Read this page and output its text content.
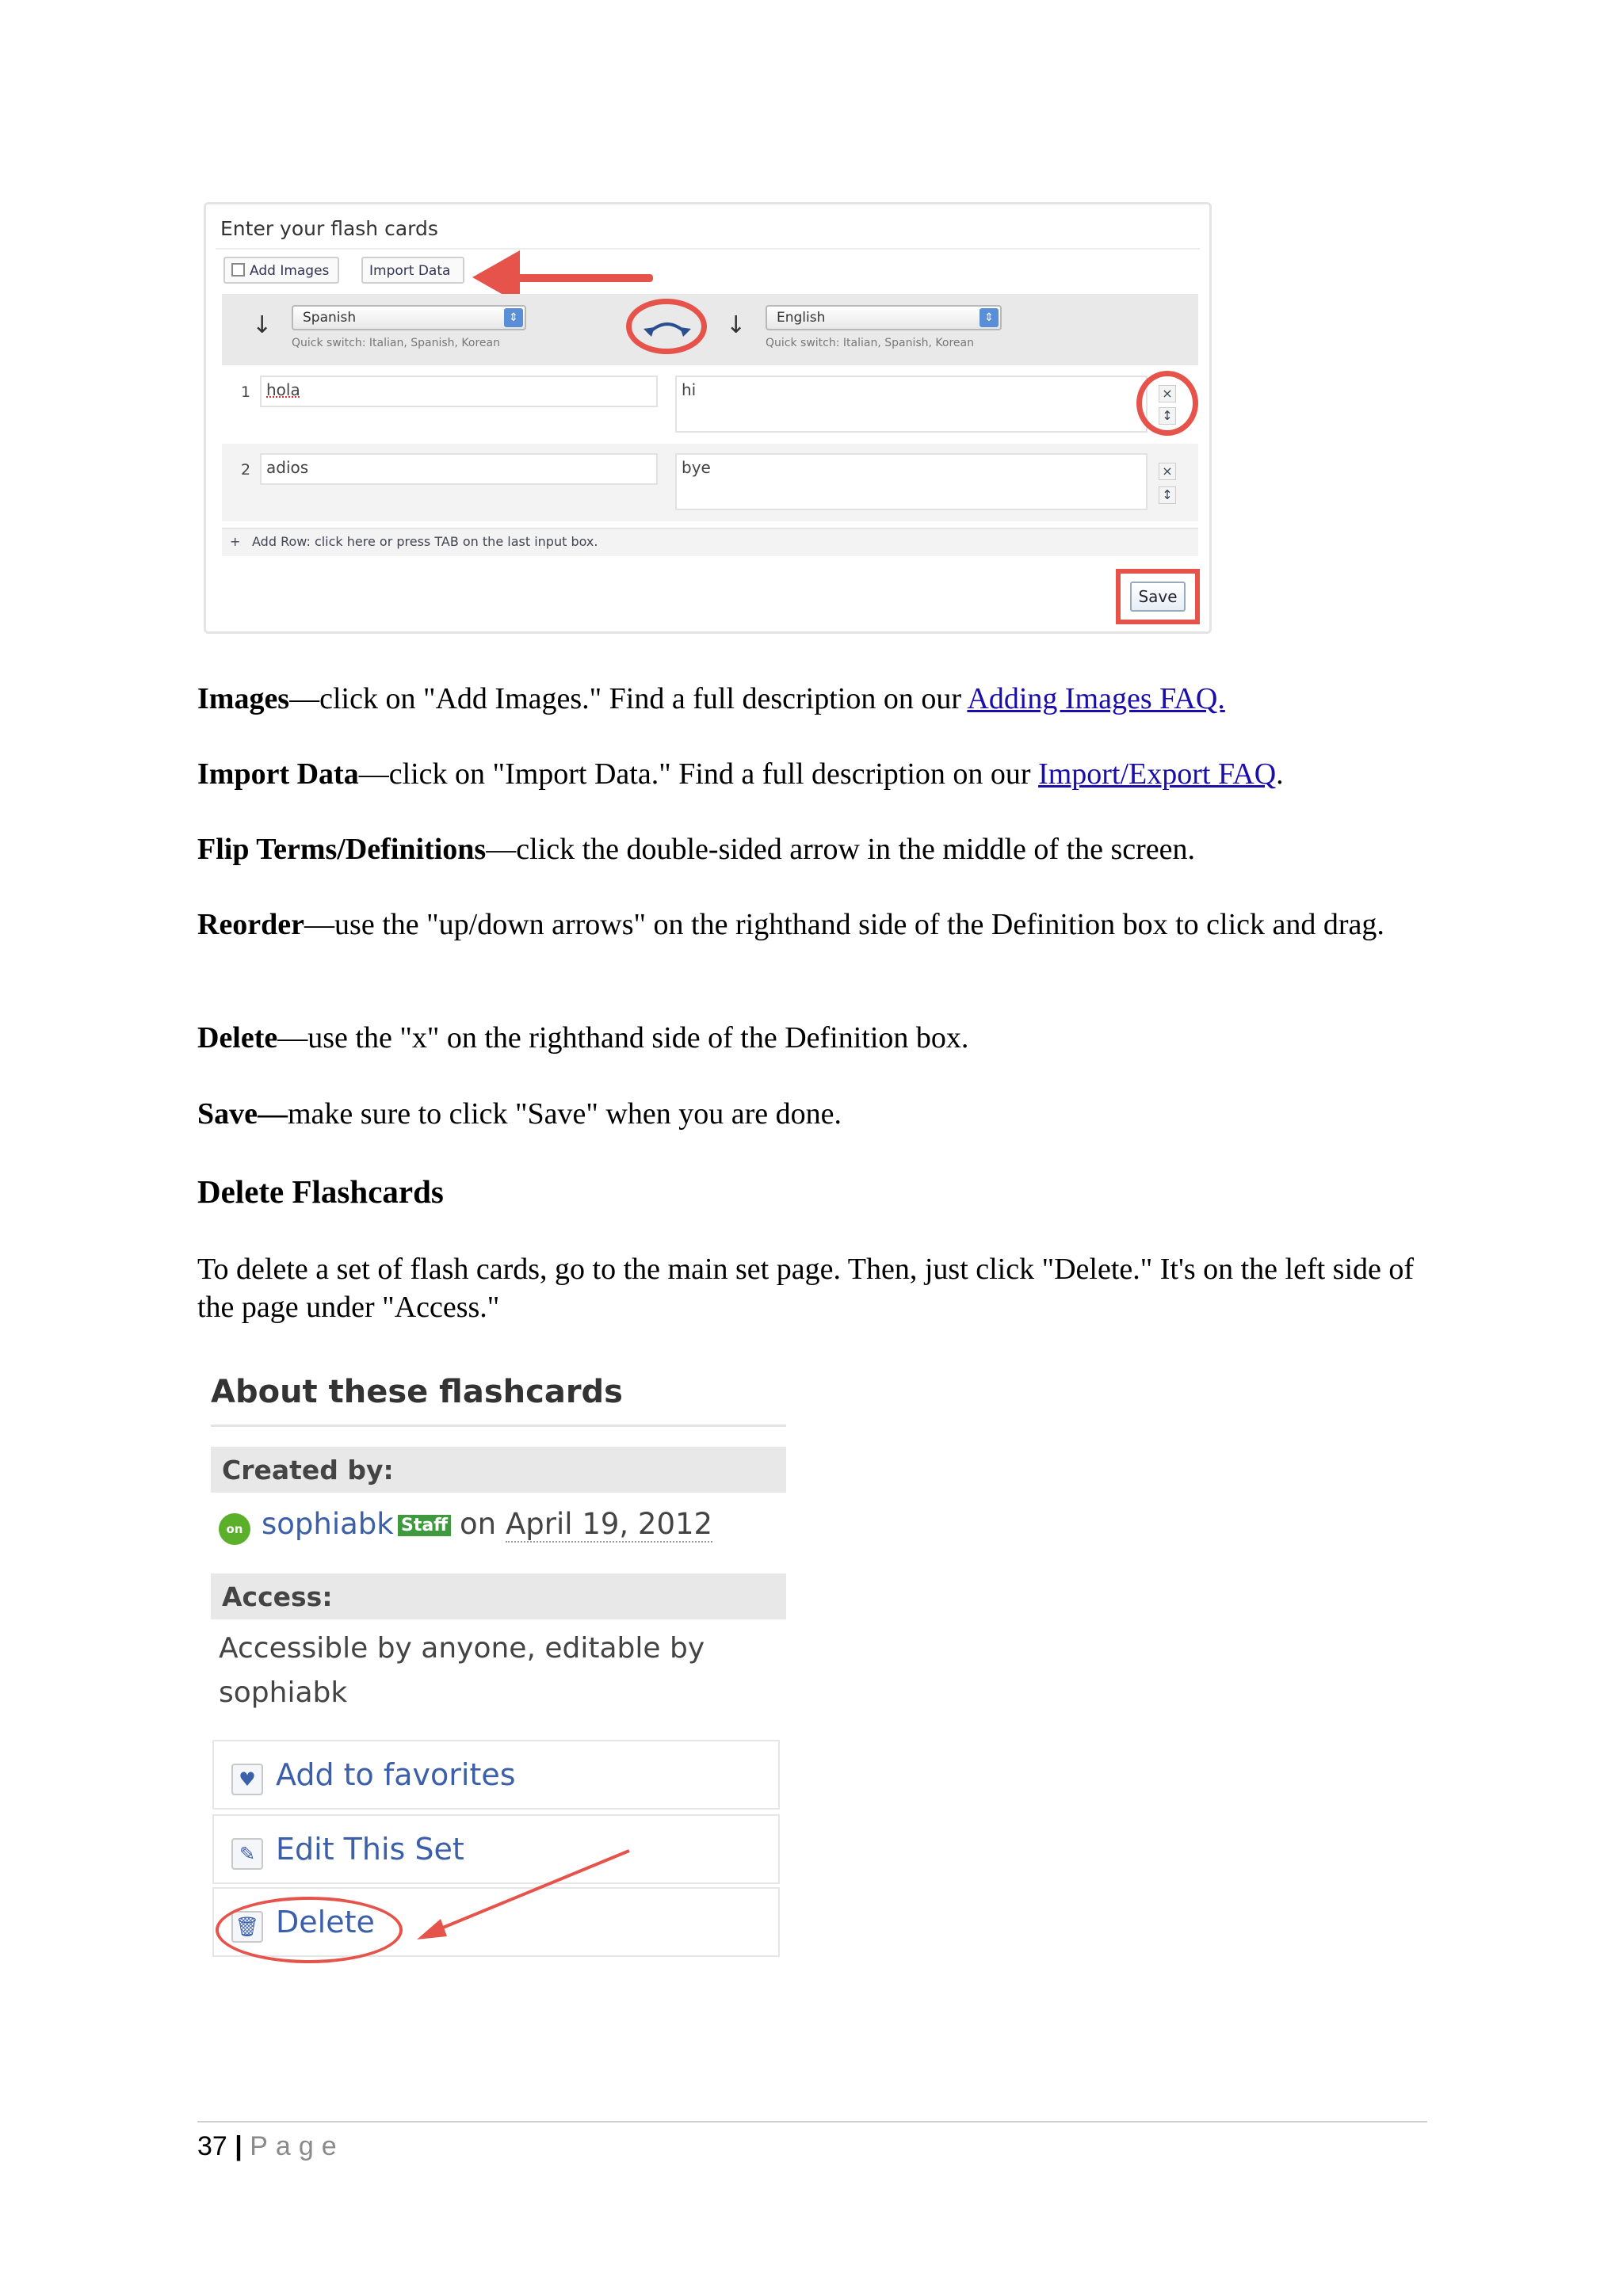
Enter your flash cards
Add Images	Import Data
↓	Spanish	⇕
Quick switch: Italian, Spanish, Korean
↓	English	⇕
Quick switch: Italian, Spanish, Korean
1 hola	hi	×
↕
2 adios	bye	×
↕
+ Add Row: click here or press TAB on the last input box.
Save
Images—click on "Add Images." Find a full description on our Adding Images FAQ.
Import Data—click on "Import Data." Find a full description on our Import/Export FAQ.
Flip Terms/Definitions—click the double-sided arrow in the middle of the screen.
Reorder—use the "up/down arrows" on the righthand side of the Definition box to click and drag.
Delete—use the "x" on the righthand side of the Definition box.
Save—make sure to click "Save" when you are done.
Delete Flashcards
To delete a set of flash cards, go to the main set page. Then, just click "Delete." It's on the left side of the page under "Access."
About these flashcards
Created by:
on sophiabk Staff on April 19, 2012
Access:
Accessible by anyone, editable by
sophiabk
♥ Add to favorites
✎ Edit This Set
🗑 Delete
37 | Page
